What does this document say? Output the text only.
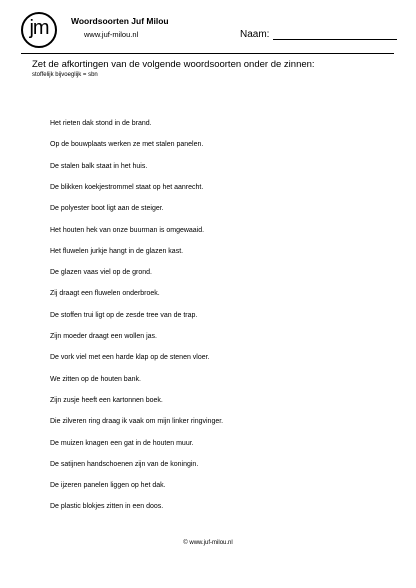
jm	Woordsoorten Juf Milou
www.juf-milou.nl	Naam:
Zet de afkortingen van de volgende woordsoorten onder de zinnen:
stoffelijk bijvoeglijk = sbn
Het rieten dak stond in de brand.
Op de bouwplaats werken ze met stalen panelen.
De stalen balk staat in het huis.
De blikken koekjestrommel staat op het aanrecht.
De polyester boot ligt aan de steiger.
Het houten hek van onze buurman is omgewaaid.
Het fluwelen jurkje hangt in de glazen kast.
De glazen vaas viel op de grond.
Zij draagt een fluwelen onderbroek.
De stoffen trui ligt op de zesde tree van de trap.
Zijn moeder draagt een wollen jas.
De vork viel met een harde klap op de stenen vloer.
We zitten op de houten bank.
Zijn zusje heeft een kartonnen boek.
Die zilveren ring draag ik vaak om mijn linker ringvinger.
De muizen knagen een gat in de houten muur.
De satijnen handschoenen zijn van de koningin.
De ijzeren panelen liggen op het dak.
De plastic blokjes zitten in een doos.
© www.juf-milou.nl
